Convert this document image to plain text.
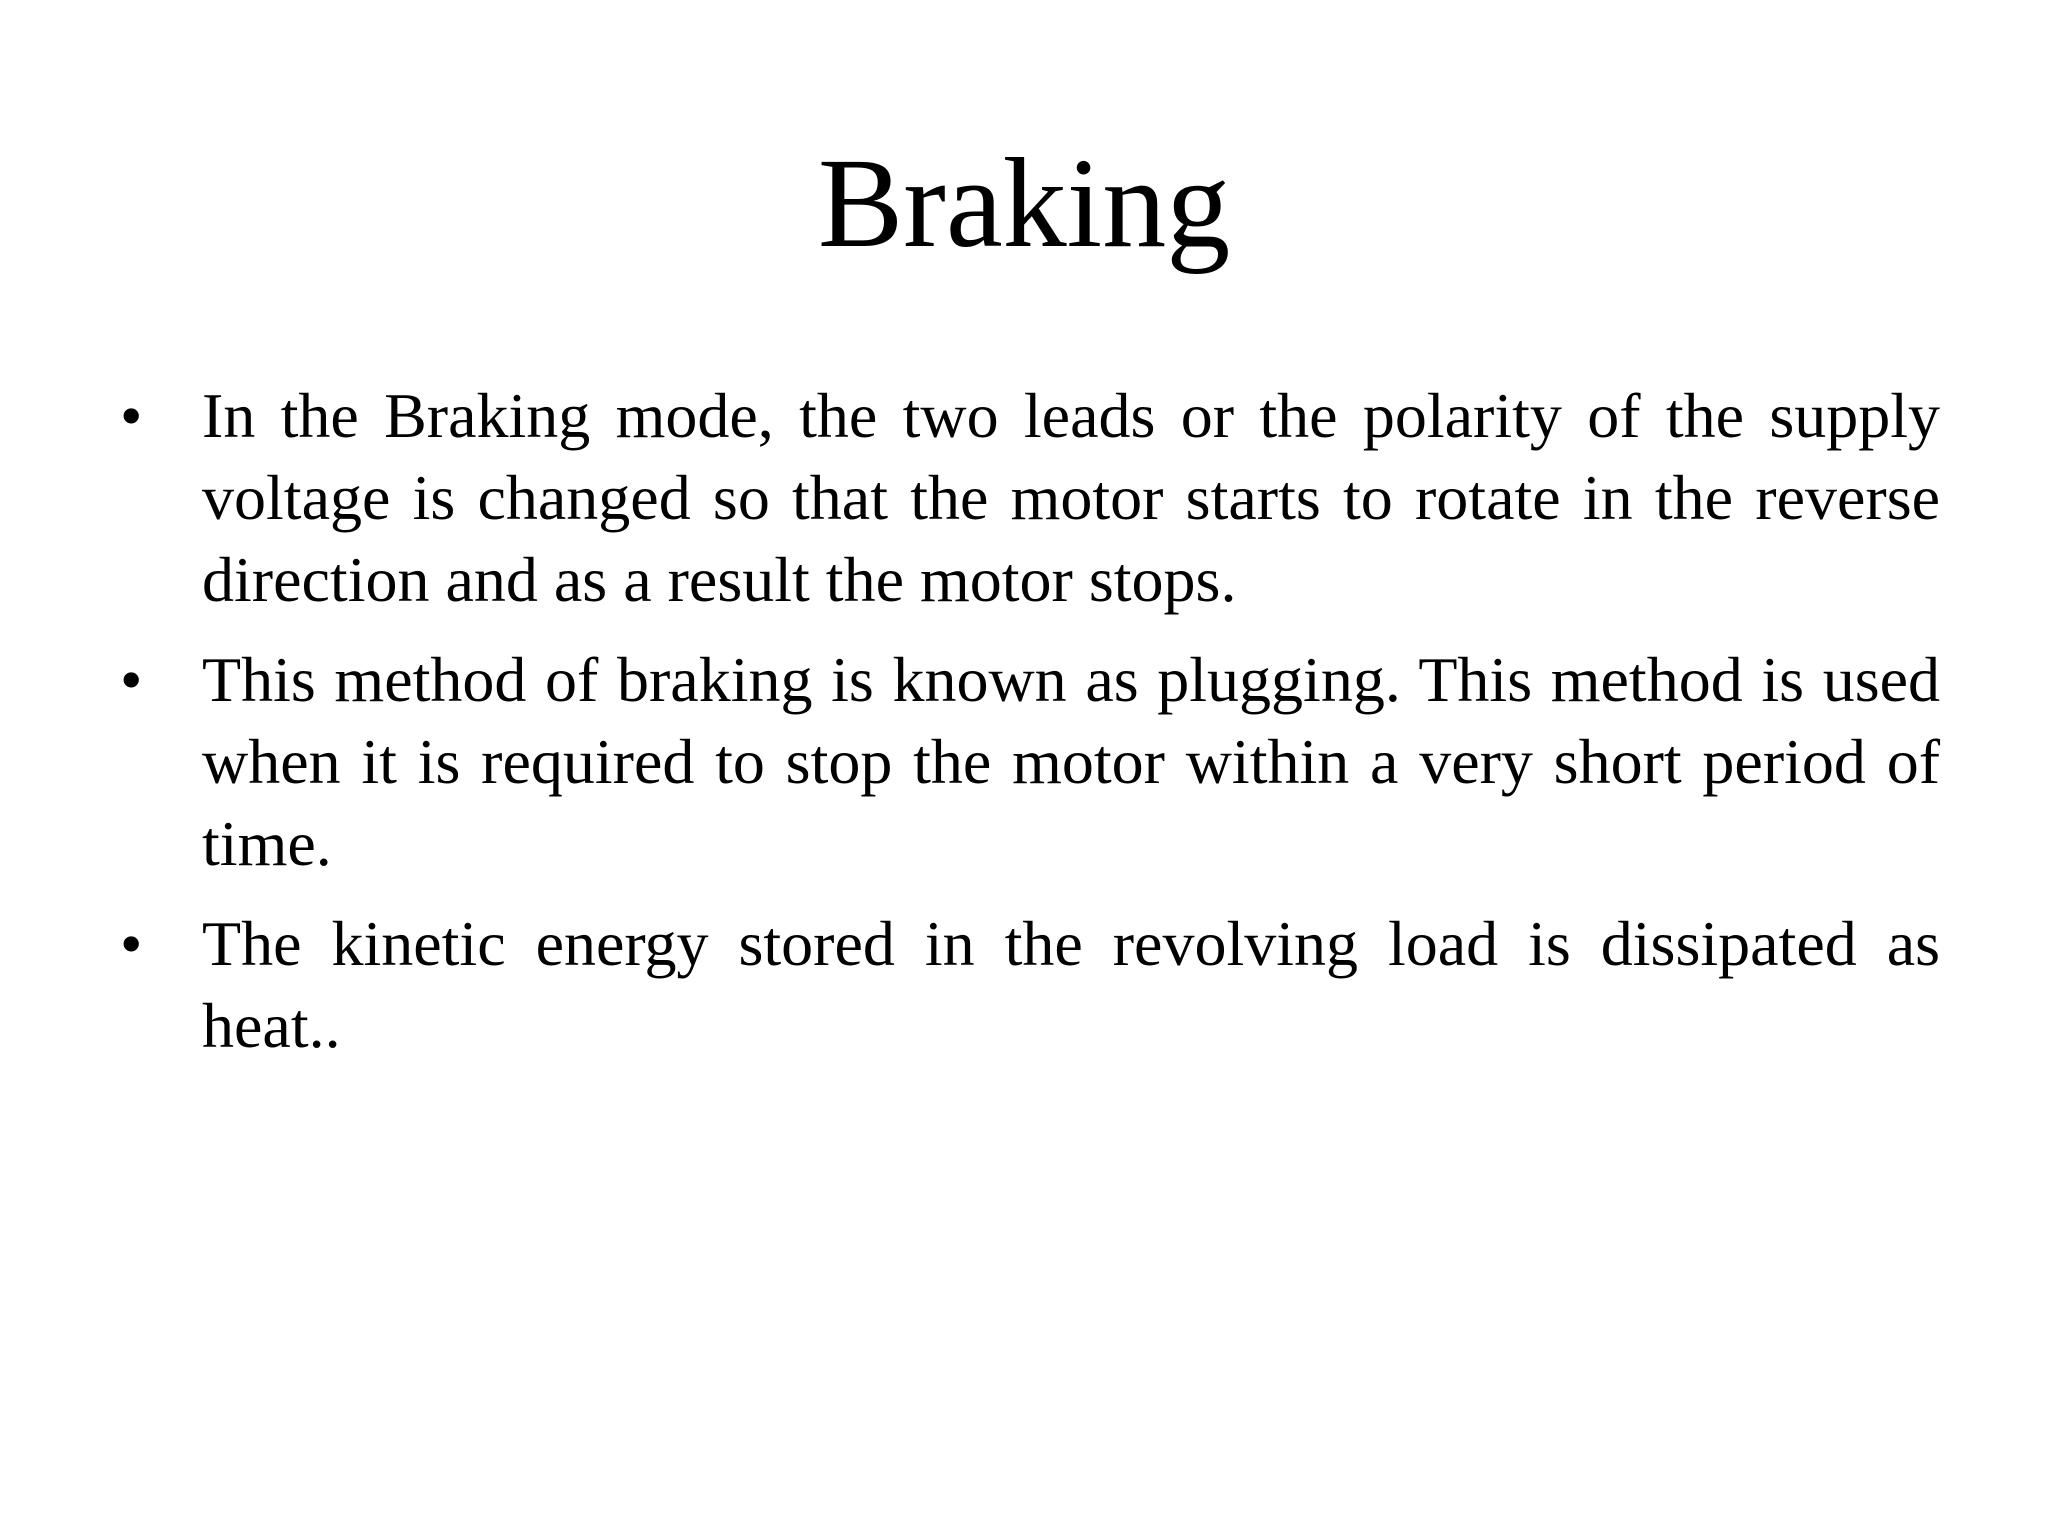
Braking
• In the Braking mode, the two leads or the polarity of the supply voltage is changed so that the motor starts to rotate in the reverse direction and as a result the motor stops.
• This method of braking is known as plugging. This method is used when it is required to stop the motor within a very short period of time.
• The kinetic energy stored in the revolving load is dissipated as heat..
